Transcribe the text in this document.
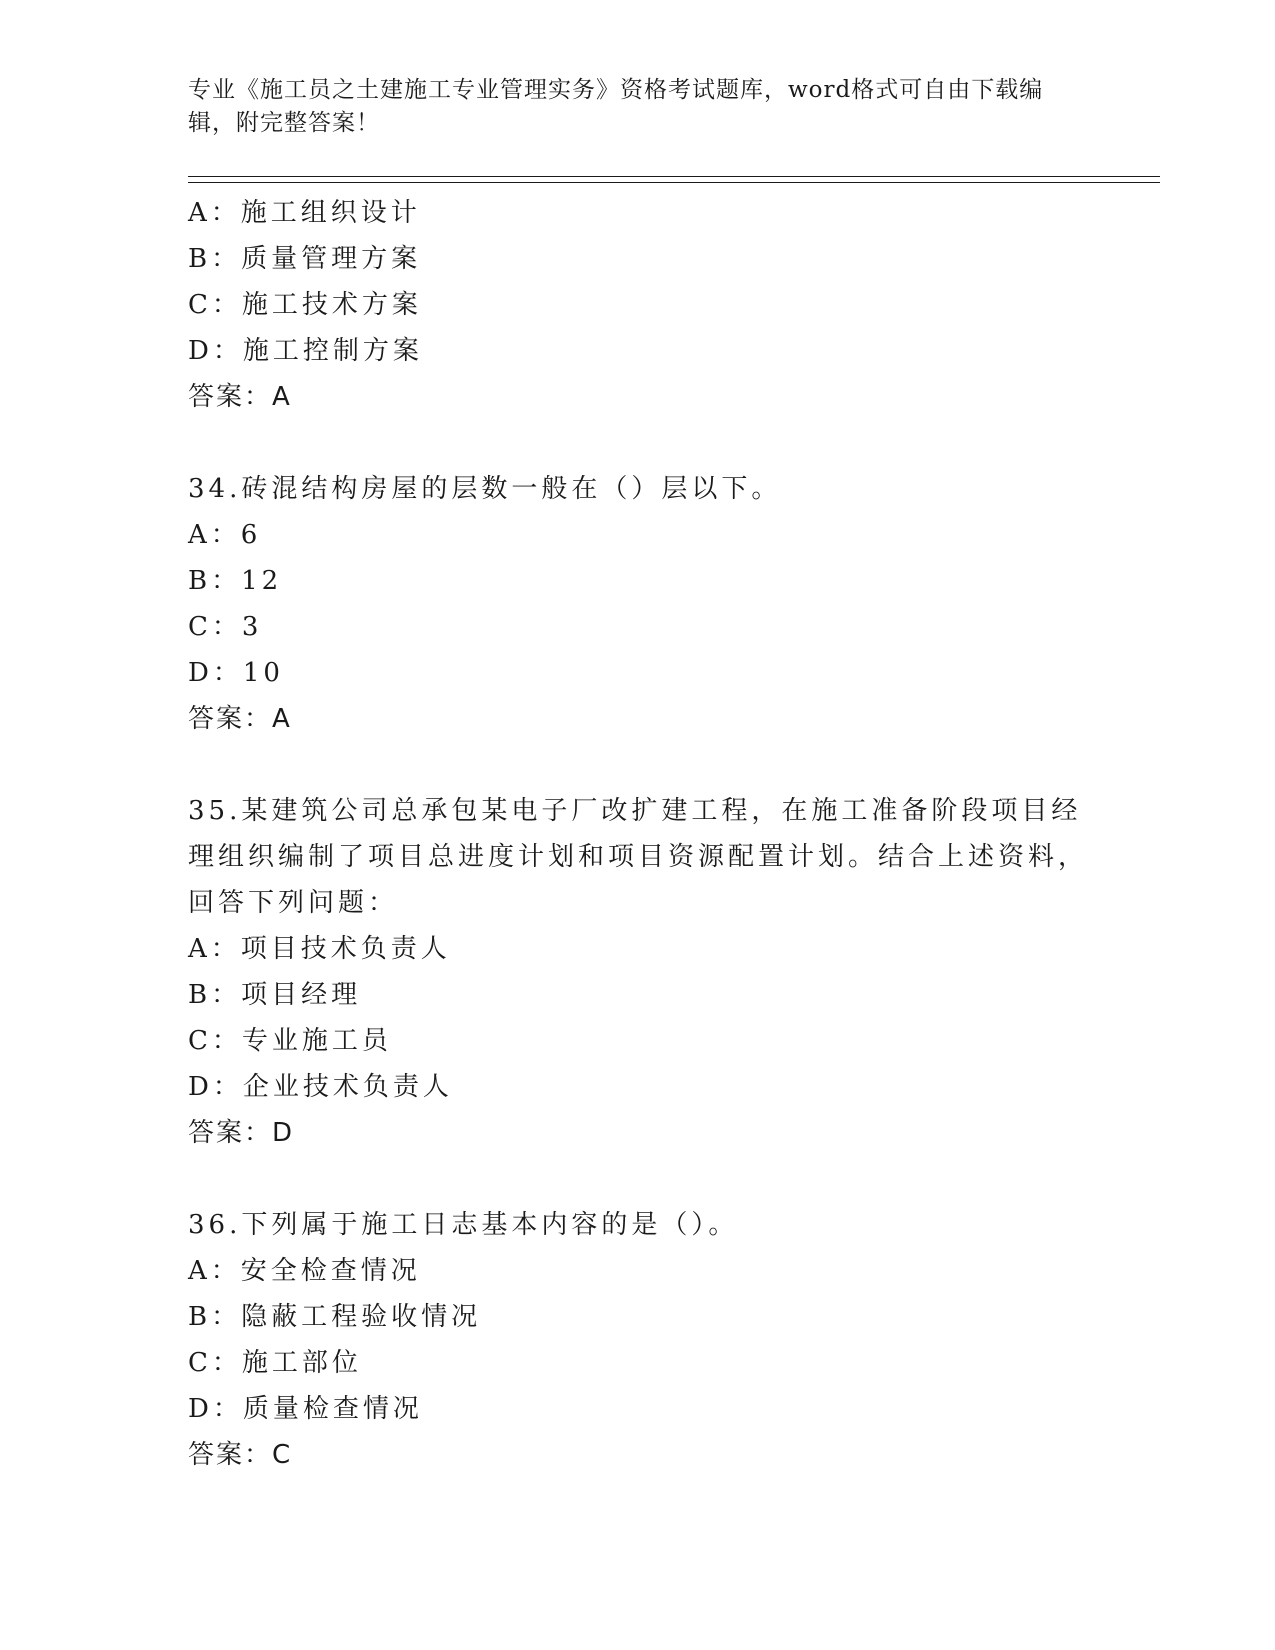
专业《施工员之土建施工专业管理实务》资格考试题库，word格式可自由下载编辑，附完整答案！
A：施工组织设计
B：质量管理方案
C：施工技术方案
D：施工控制方案
答案：A
34.砖混结构房屋的层数一般在（）层以下。
A：6
B：12
C：3
D：10
答案：A
35.某建筑公司总承包某电子厂改扩建工程，在施工准备阶段项目经理组织编制了项目总进度计划和项目资源配置计划。结合上述资料，回答下列问题：
A：项目技术负责人
B：项目经理
C：专业施工员
D：企业技术负责人
答案：D
36.下列属于施工日志基本内容的是（）。
A：安全检查情况
B：隐蔽工程验收情况
C：施工部位
D：质量检查情况
答案：C
